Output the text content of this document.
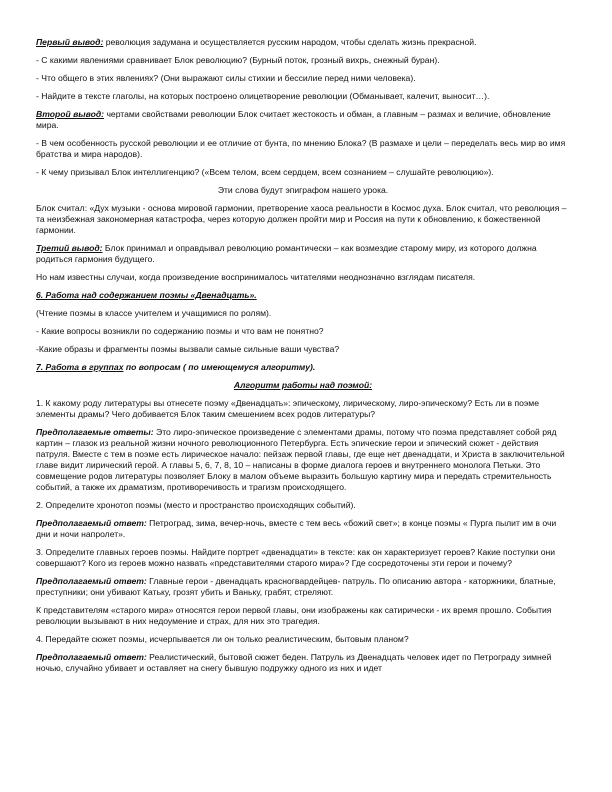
Первый вывод: революция задумана и осуществляется русским народом, чтобы сделать жизнь прекрасной.

- С какими явлениями сравнивает Блок революцию? (Бурный поток, грозный вихрь, снежный буран).

- Что общего в этих явлениях? (Они выражают силы стихии и бессилие перед ними человека).

- Найдите в тексте глаголы, на которых построено олицетворение революции (Обманывает, калечит, выносит…).

Второй вывод: чертами свойствами революции Блок считает жестокость и обман, а главным – размах и величие, обновление мира.

- В чем особенность русской революции и ее отличие от бунта, по мнению Блока? (В размахе и цели – переделать весь мир во имя братства и мира народов).

- К чему призывал Блок интеллигенцию? («Всем телом, всем сердцем, всем сознанием – слушайте революцию»).

Эти слова будут эпиграфом нашего урока.

Блок считал: «Дух музыки - основа мировой гармонии, претворение хаоса реальности в Космос духа. Блок считал, что революция – та неизбежная закономерная катастрофа, через которую должен пройти мир и Россия на пути к обновлению, к божественной гармонии.

Третий вывод: Блок принимал и оправдывал революцию романтически – как возмездие старому миру, из которого должна родиться гармония будущего.

Но нам известны случаи, когда произведение воспринималось читателями неоднозначно взглядам писателя.

6. Работа над содержанием поэмы «Двенадцать».

(Чтение поэмы в классе учителем и учащимися по ролям).

- Какие вопросы возникли по содержанию поэмы и что вам не понятно?

-Какие образы и фрагменты поэмы вызвали самые сильные ваши чувства?

7. Работа в группах по вопросам ( по имеющемуся алгоритму).

Алгоритм работы над поэмой:

1. К какому роду литературы вы отнесете поэму «Двенадцать»: эпическому, лирическому, лиро-эпическому? Есть ли в поэме элементы драмы? Чего добивается Блок таким смешением всех родов литературы?

Предполагаемые ответы: Это лиро-эпическое произведение с элементами драмы, потому что поэма представляет собой ряд картин – глазок из реальной жизни ночного революционного Петербурга. Есть эпические герои и эпический сюжет - действия патруля. Вместе с тем в поэме есть лирическое начало: пейзаж первой главы, где еще нет двенадцати, и Христа в заключительной главе видит лирический герой. А главы 5, 6, 7, 8, 10 – написаны в форме диалога героев и внутреннего монолога Петьки. Это совмещение родов литературы позволяет Блоку в малом объеме выразить большую картину мира и передать стремительность событий, а также их драматизм, противоречивость и трагизм происходящего.

2. Определите хронотоп поэмы (место и пространство происходящих событий).

Предполагаемый ответ: Петроград, зима, вечер-ночь, вместе с тем весь «божий свет»; в конце поэмы « Пурга пылит им в очи дни и ночи напролет».

3. Определите главных героев поэмы. Найдите портрет «двенадцати» в тексте: как он характеризует героев? Какие поступки они совершают? Кого из героев можно назвать «представителями старого мира»? Где сосредоточены эти герои и почему?

Предполагаемый ответ: Главные герои - двенадцать красногвардейцев- патруль. По описанию автора - каторжники, блатные, преступники; они убивают Катьку, грозят убить и Ваньку, грабят, стреляют.

К представителям «старого мира» относятся герои первой главы, они изображены как сатирически - их время прошло. События революции вызывают в них недоумение и страх, для них это трагедия.

4. Передайте сюжет поэмы, исчерпывается ли он только реалистическим, бытовым планом?

Предполагаемый ответ: Реалистический, бытовой сюжет беден. Патруль из Двенадцать человек идет по Петрограду зимней ночью, случайно убивает и оставляет на снегу бывшую подружку одного из них и идет
